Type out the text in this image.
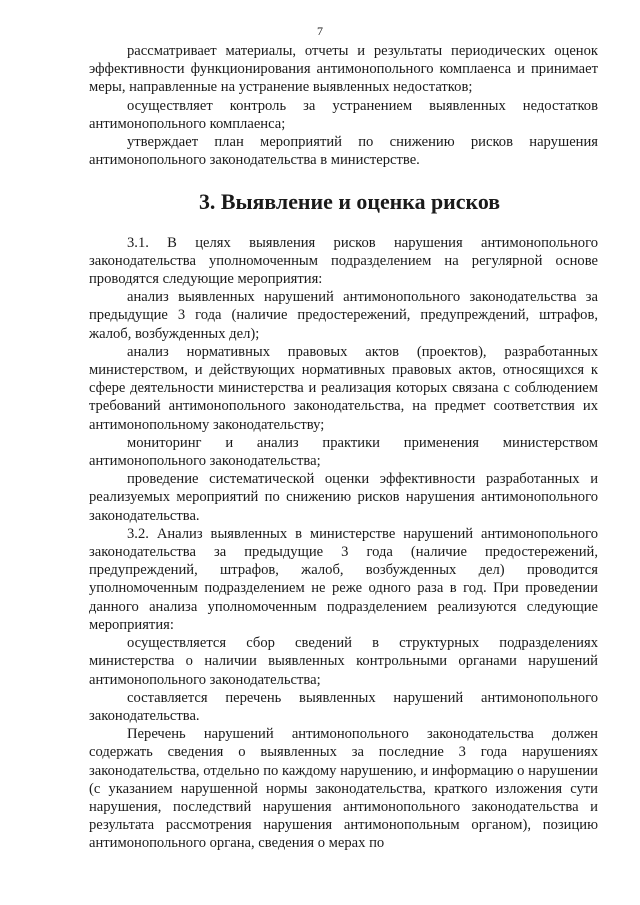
7

рассматривает материалы, отчеты и результаты периодических оценок эффективности функционирования антимонопольного комплаенса и принимает меры, направленные на устранение выявленных недостатков;

осуществляет контроль за устранением выявленных недостатков антимонопольного комплаенса;

утверждает план мероприятий по снижению рисков нарушения антимонопольного законодательства в министерстве.

3. Выявление и оценка рисков

3.1. В целях выявления рисков нарушения антимонопольного законодательства уполномоченным подразделением на регулярной основе проводятся следующие мероприятия:

анализ выявленных нарушений антимонопольного законодательства за предыдущие 3 года (наличие предостережений, предупреждений, штрафов, жалоб, возбужденных дел);

анализ нормативных правовых актов (проектов), разработанных министерством, и действующих нормативных правовых актов, относящихся к сфере деятельности министерства и реализация которых связана с соблюдением требований антимонопольного законодательства, на предмет соответствия их антимонопольному законодательству;

мониторинг и анализ практики применения министерством антимонопольного законодательства;

проведение систематической оценки эффективности разработанных и реализуемых мероприятий по снижению рисков нарушения антимонопольного законодательства.

3.2. Анализ выявленных в министерстве нарушений антимонопольного законодательства за предыдущие 3 года (наличие предостережений, предупреждений, штрафов, жалоб, возбужденных дел) проводится уполномоченным подразделением не реже одного раза в год. При проведении данного анализа уполномоченным подразделением реализуются следующие мероприятия:

осуществляется сбор сведений в структурных подразделениях министерства о наличии выявленных контрольными органами нарушений антимонопольного законодательства;

составляется перечень выявленных нарушений антимонопольного законодательства.

Перечень нарушений антимонопольного законодательства должен содержать сведения о выявленных за последние 3 года нарушениях законодательства, отдельно по каждому нарушению, и информацию о нарушении (с указанием нарушенной нормы законодательства, краткого изложения сути нарушения, последствий нарушения антимонопольного законодательства и результата рассмотрения нарушения антимонопольным органом), позицию антимонопольного органа, сведения о мерах по
